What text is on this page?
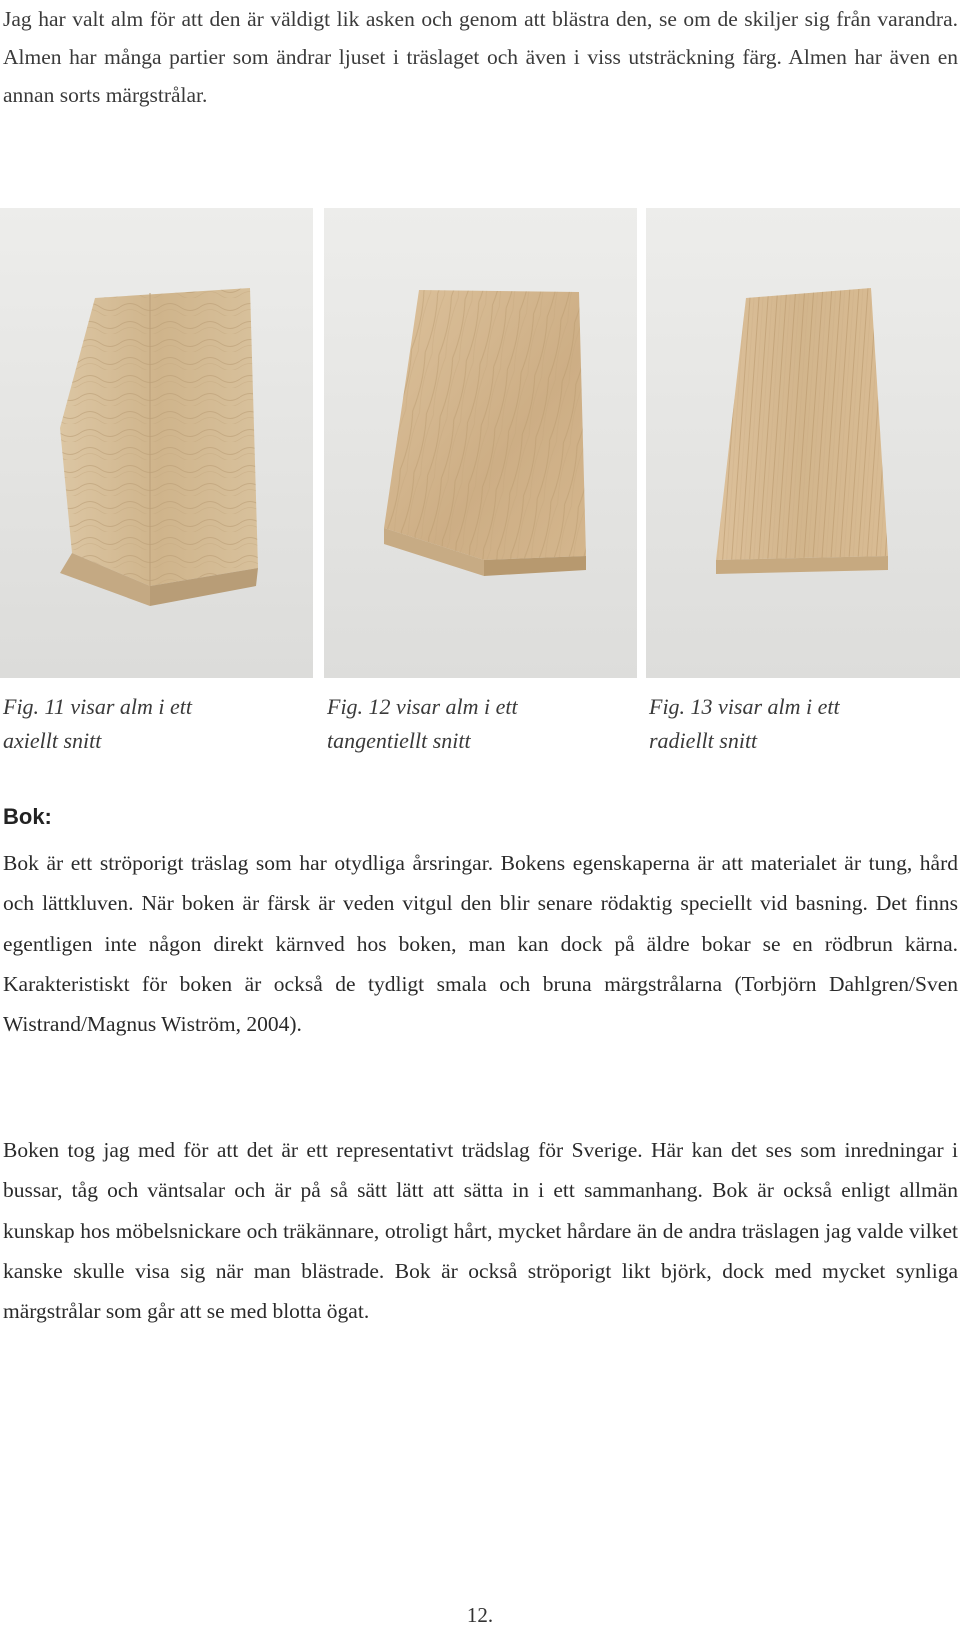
Jag har valt alm för att den är väldigt lik asken och genom att blästra den, se om de skiljer sig från varandra. Almen har många partier som ändrar ljuset i träslaget och även i viss utsträckning färg. Almen har även en annan sorts märgstrålar.

Fig. 11 visar alm i ett
axiellt snitt

Fig. 12 visar alm i ett
tangentiellt snitt

Fig. 13 visar alm i ett
radiellt snitt

Bok:

Bok är ett ströporigt träslag som har otydliga årsringar. Bokens egenskaperna är att materialet är tung, hård och lättkluven. När boken är färsk är veden vitgul den blir senare rödaktig speciellt vid basning. Det finns egentligen inte någon direkt kärnved hos boken, man kan dock på äldre bokar se en rödbrun kärna. Karakteristiskt för boken är också de tydligt smala och bruna märgstrålarna (Torbjörn Dahlgren/Sven Wistrand/Magnus Wiström, 2004).

Boken tog jag med för att det är ett representativt trädslag för Sverige. Här kan det ses som inredningar i bussar, tåg och väntsalar och är på så sätt lätt att sätta in i ett sammanhang. Bok är också enligt allmän kunskap hos möbelsnickare och träkännare, otroligt hårt, mycket hårdare än de andra träslagen jag valde vilket kanske skulle visa sig när man blästrade. Bok är också ströporigt likt björk, dock med mycket synliga märgstrålar som går att se med blotta ögat.

12.
